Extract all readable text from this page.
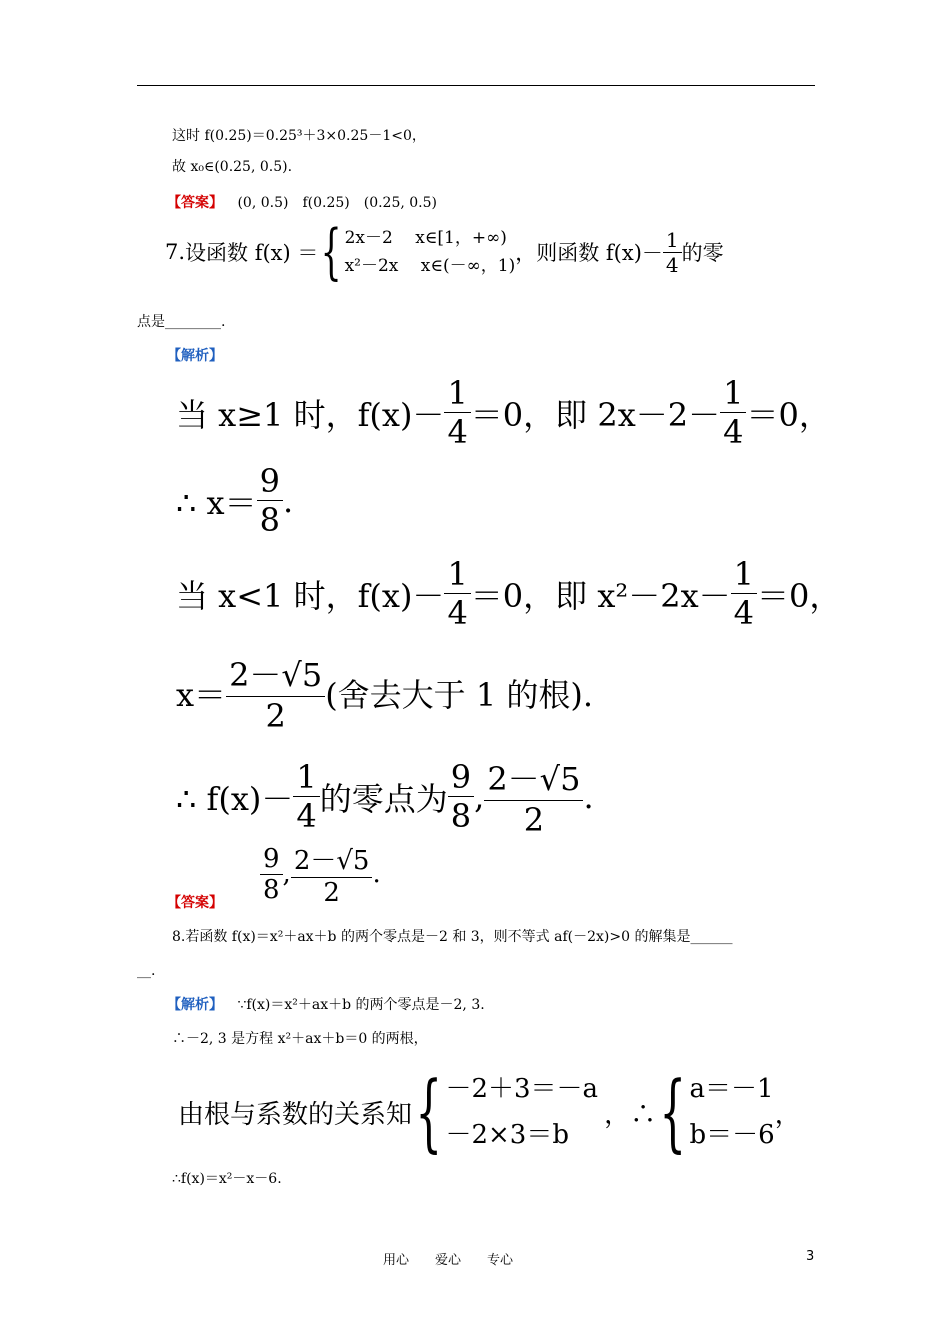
这时 f(0.25)＝0.25³＋3×0.25－1<0，
故 x₀∈(0.25, 0.5).
【答案】 (0, 0.5)　f(0.25)　(0.25, 0.5)
7. 设函数 f(x) ＝ { 2x－2　 x∈[1，+∞)
x²－2x　 x∈(－∞，1)
，则函数 $f(x)- \frac{1}{4}$ 的零
点是________.
【解析】
当 x≥1 时，$f(x)- \frac{1}{4} =0$，即 $2x-2- \frac{1}{4} =0$，
∴ $x= \frac{9}{8}$ .
当 x<1 时，$f(x)- \frac{1}{4} =0$，即 $x^2-2x- \frac{1}{4} =0$，
$x= \frac{2-√5}{2}$ (舍去大于 1 的根).
∴ $f(x)- \frac{1}{4}$ 的零点为 $\frac{9}{8}$ , $\frac{2-√5}{2}$ .
$\frac{9}{8}$ , $\frac{2-√5}{2}$ .
【答案】
8.若函数 f(x)＝x²＋ax＋b 的两个零点是－2 和 3，则不等式 af(－2x)>0 的解集是______
__.
【解析】 ∵f(x)＝x²＋ax＋b 的两个零点是－2, 3.
∴－2, 3 是方程 x²＋ax＋b＝0 的两根，
由根与系数的关系知 { －2＋3＝－a
－2×3＝b
，∴ { a＝－1
b＝－6
，
∴f(x)＝x²－x－6.
用心　　爱心　　专心	3
